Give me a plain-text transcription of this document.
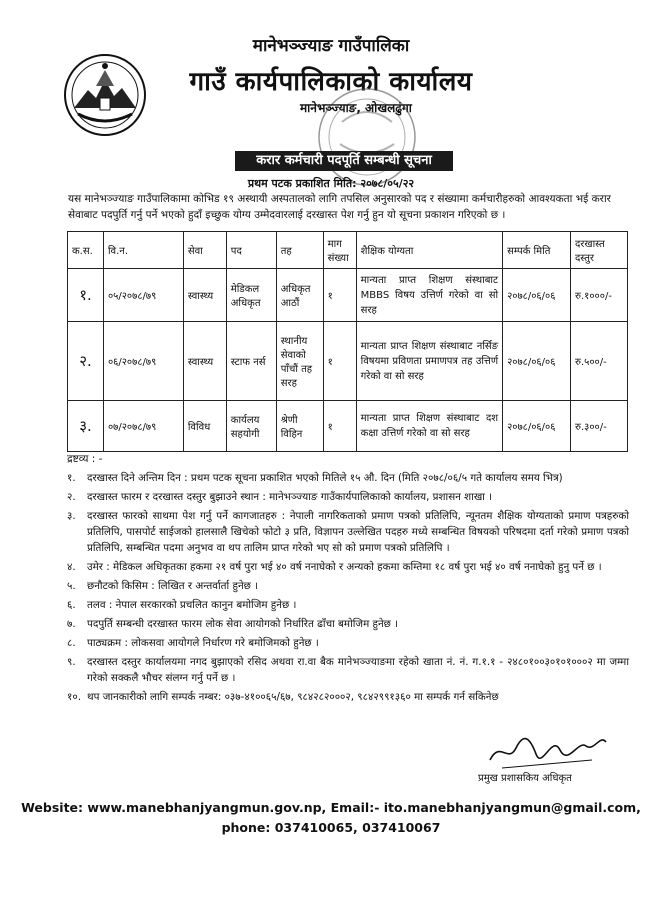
मानेभञ्ज्याङ गाउँपालिका
गाउँ कार्यपालिकाको कार्यालय
मानेभञ्ज्याङ, ओखलढुंगा
करार कर्मचारी पदपूर्ति सम्बन्धी सूचना
प्रथम पटक प्रकाशित मिति: २०७८/०५/२२
यस मानेभञ्ज्याङ गाउँपालिकामा कोभिड १९ अस्थायी अस्पतालको लागि तपसिल अनुसारको पद र संख्यामा कर्मचारीहरुको आवश्यकता भई करार सेवाबाट पदपुर्ति गर्नु पर्ने भएको हुदाँ इच्छुक योग्य उम्मेदवारलाई दरखास्त पेश गर्नु हुन यो सूचना प्रकाशन गरिएको छ ।
क.स.	वि.न.	सेवा	पद	तह	माग संख्या	शैक्षिक योग्यता	सम्पर्क मिति	दरखास्त दस्तुर
१.	०५/२०७८/७९	स्वास्थ्य	मेडिकल अधिकृत	अधिकृत आठौं	१	मान्यता प्राप्त शिक्षण संस्थाबाट MBBS विषय उत्तिर्ण गरेको वा सो सरह	२०७८/०६/०६	रु.१०००/-
२.	०६/२०७८/७९	स्वास्थ्य	स्टाफ नर्स	स्थानीय सेवाको पाँचौं तह सरह	१	मान्यता प्राप्त शिक्षण संस्थाबाट नर्सिङ विषयमा प्रविणता प्रमाणपत्र तह उत्तिर्ण गरेको वा सो सरह	२०७८/०६/०६	रु.५००/-
३.	०७/२०७८/७९	विविध	कार्यलय सहयोगी	श्रेणी विहिन	१	मान्यता प्राप्त शिक्षण संस्थाबाट दश कक्षा उत्तिर्ण गरेको वा सो सरह	२०७८/०६/०६	रु.३००/-
द्रष्टव्य : -
१. दरखास्त दिने अन्तिम दिन : प्रथम पटक सूचना प्रकाशित भएको मितिले १५ औ. दिन (मिति २०७८/०६/५ गते कार्यालय समय भित्र)
२. दरखास्त फारम र दरखास्त दस्तुर बुझाउने स्थान : मानेभञ्ज्याङ गाउँकार्यपालिकाको कार्यालय, प्रशासन शाखा ।
३. दरखास्त फारको साथमा पेश गर्नु पर्ने कागजातहरु : नेपाली नागरिकताको प्रमाण पत्रको प्रतिलिपि, न्यूनतम शैक्षिक योग्यताको प्रमाण पत्रहरुको प्रतिलिपि, पासपोर्ट साईजको हालसालै खिचेको फोटो ३ प्रति, विज्ञापन उल्लेखित पदहरु मध्ये सम्बन्धित विषयको परिषदमा दर्ता गरेको प्रमाण पत्रको प्रतिलिपि, सम्बन्धित पदमा अनुभव वा थप तालिम प्राप्त गरेको भए सो को प्रमाण पत्रको प्रतिलिपि ।
४. उमेर : मेडिकल अधिकृतका हकमा २१ वर्ष पुरा भई ४० वर्ष ननाघेको र अन्यको हकमा कम्तिमा १८ वर्ष पुरा भई ४० वर्ष ननाघेको हुनु पर्ने छ ।
५. छनौटको किसिम : लिखित र अन्तर्वार्ता हुनेछ ।
६. तलव : नेपाल सरकारको प्रचलित कानुन बमोजिम हुनेछ ।
७. पदपुर्ति सम्बन्धी दरखास्त फारम लोक सेवा आयोगको निर्धारित ढाँचा बमोजिम हुनेछ ।
८. पाठ्यक्रम : लोकसवा आयोगले निर्धारण गरे बमोजिमको हुनेछ ।
९. दरखास्त दस्तुर कार्यालयमा नगद बुझाएको रसिद अथवा रा.वा बैक मानेभञ्ज्याङमा रहेको खाता नं. नं. ग.१.१ - २४८०१००३०१०१०००२ मा जम्मा गरेको सक्कलै भौचर संलग्न गर्नु पर्ने छ ।
१०. थप जानकारीको लागि सम्पर्क नम्बर: ०३७-४१००६५/६७, ९८४२८२०००२, ९८४२९९१३६० मा सम्पर्क गर्न सकिनेछ
प्रमुख प्रशासकिय अधिकृत
Website: www.manebhanjyangmun.gov.np, Email:- ito.manebhanjyangmun@gmail.com,
phone: 037410065, 037410067
